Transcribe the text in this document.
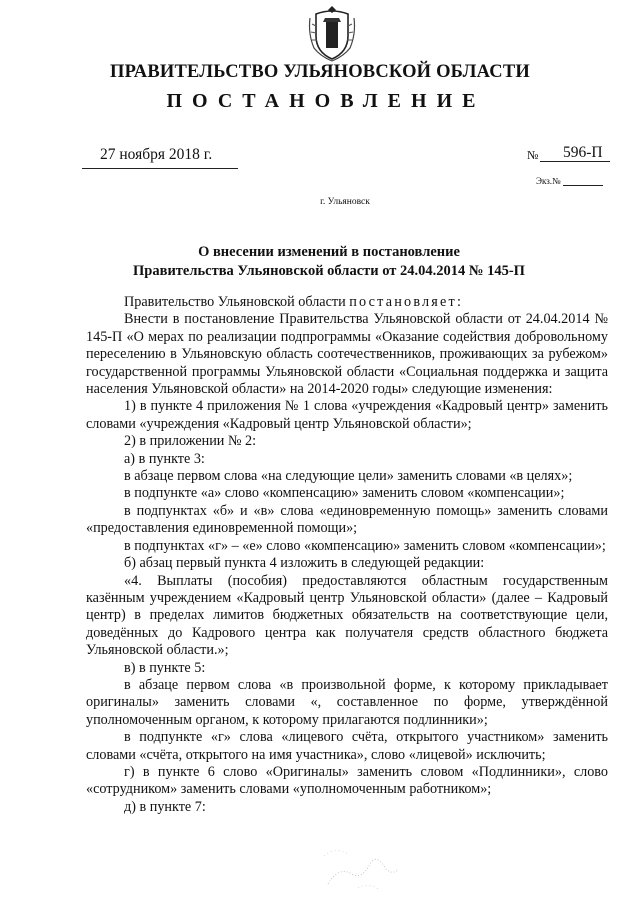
ПРАВИТЕЛЬСТВО УЛЬЯНОВСКОЙ ОБЛАСТИ
ПОСТАНОВЛЕНИЕ
27 ноября 2018 г.	№ 596-П
Экз.№
г. Ульяновск
О внесении изменений в постановление
Правительства Ульяновской области от 24.04.2014 № 145-П

Правительство Ульяновской области постановляет:

Внести в постановление Правительства Ульяновской области от 24.04.2014 № 145-П «О мерах по реализации подпрограммы «Оказание содействия добровольному переселению в Ульяновскую область соотечественников, проживающих за рубежом» государственной программы Ульяновской области «Социальная поддержка и защита населения Ульяновской области» на 2014-2020 годы» следующие изменения:

1) в пункте 4 приложения № 1 слова «учреждения «Кадровый центр» заменить словами «учреждения «Кадровый центр Ульяновской области»;

2) в приложении № 2:

а) в пункте 3:

в абзаце первом слова «на следующие цели» заменить словами «в целях»;

в подпункте «а» слово «компенсацию» заменить словом «компенсации»;

в подпунктах «б» и «в» слова «единовременную помощь» заменить словами «предоставления единовременной помощи»;

в подпунктах «г» – «е» слово «компенсацию» заменить словом «компенсации»;

б) абзац первый пункта 4 изложить в следующей редакции:

«4. Выплаты (пособия) предоставляются областным государственным казённым учреждением «Кадровый центр Ульяновской области» (далее – Кадровый центр) в пределах лимитов бюджетных обязательств на соответствующие цели, доведённых до Кадрового центра как получателя средств областного бюджета Ульяновской области.»;

в) в пункте 5:

в абзаце первом слова «в произвольной форме, к которому прикладывает оригиналы» заменить словами «, составленное по форме, утверждённой уполномоченным органом, к которому прилагаются подлинники»;

в подпункте «г» слова «лицевого счёта, открытого участником» заменить словами «счёта, открытого на имя участника», слово «лицевой» исключить;

г) в пункте 6 слово «Оригиналы» заменить словом «Подлинники», слово «сотрудником» заменить словами «уполномоченным работником»;

д) в пункте 7:
